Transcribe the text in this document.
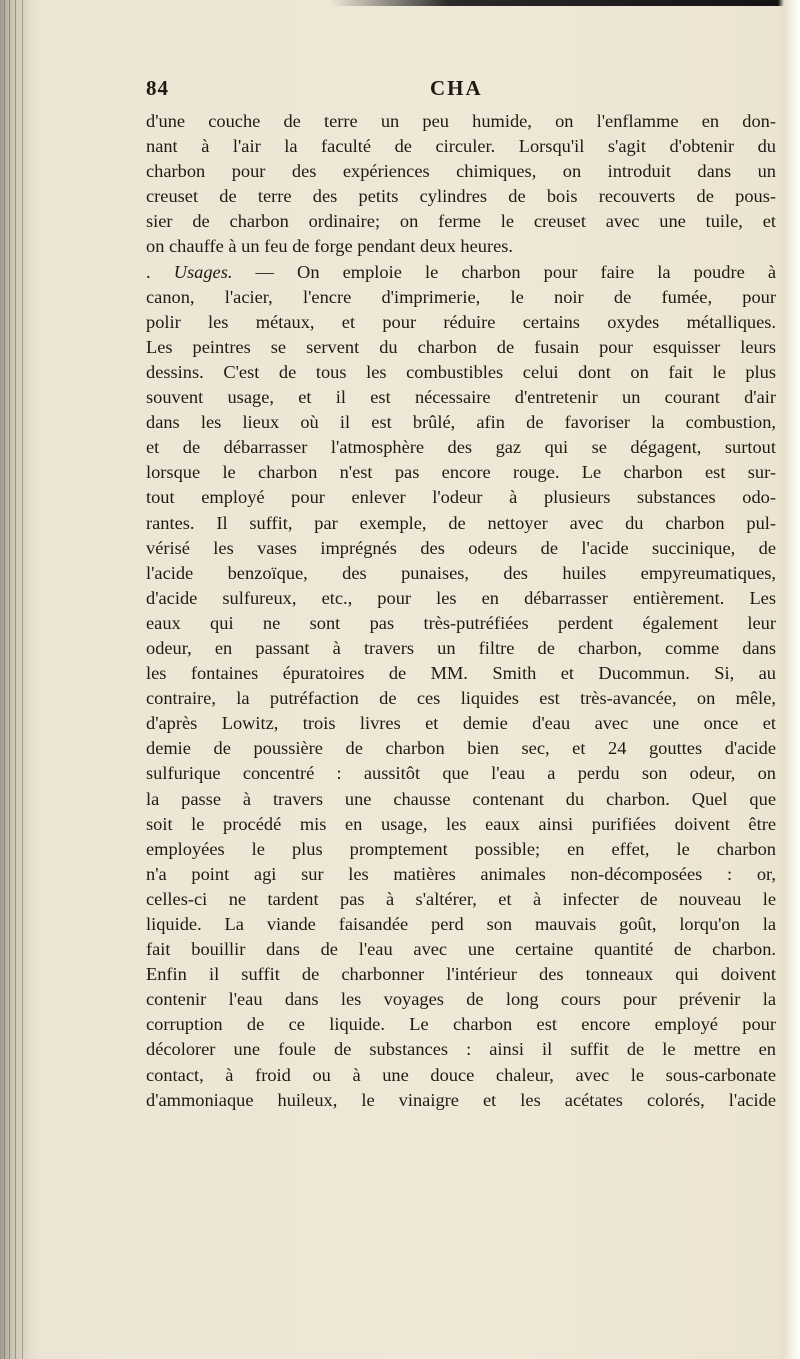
84	CHA
d'une couche de terre un peu humide, on l'enflamme en don-
nant à l'air la faculté de circuler. Lorsqu'il s'agit d'obtenir du
charbon pour des expériences chimiques, on introduit dans un
creuset de terre des petits cylindres de bois recouverts de pous-
sier de charbon ordinaire; on ferme le creuset avec une tuile, et
on chauffe à un feu de forge pendant deux heures.
. Usages. — On emploie le charbon pour faire la poudre à
canon, l'acier, l'encre d'imprimerie, le noir de fumée, pour
polir les métaux, et pour réduire certains oxydes métalliques.
Les peintres se servent du charbon de fusain pour esquisser leurs
dessins. C'est de tous les combustibles celui dont on fait le plus
souvent usage, et il est nécessaire d'entretenir un courant d'air
dans les lieux où il est brûlé, afin de favoriser la combustion,
et de débarrasser l'atmosphère des gaz qui se dégagent, surtout
lorsque le charbon n'est pas encore rouge. Le charbon est sur-
tout employé pour enlever l'odeur à plusieurs substances odo-
rantes. Il suffit, par exemple, de nettoyer avec du charbon pul-
vérisé les vases imprégnés des odeurs de l'acide succinique, de
l'acide benzoïque, des punaises, des huiles empyreumatiques,
d'acide sulfureux, etc., pour les en débarrasser entièrement. Les
eaux qui ne sont pas très-putréfiées perdent également leur
odeur, en passant à travers un filtre de charbon, comme dans
les fontaines épuratoires de MM. Smith et Ducommun. Si, au
contraire, la putréfaction de ces liquides est très-avancée, on mêle,
d'après Lowitz, trois livres et demie d'eau avec une once et
demie de poussière de charbon bien sec, et 24 gouttes d'acide
sulfurique concentré : aussitôt que l'eau a perdu son odeur, on
la passe à travers une chausse contenant du charbon. Quel que
soit le procédé mis en usage, les eaux ainsi purifiées doivent être
employées le plus promptement possible; en effet, le charbon
n'a point agi sur les matières animales non-décomposées : or,
celles-ci ne tardent pas à s'altérer, et à infecter de nouveau le
liquide. La viande faisandée perd son mauvais goût, lorqu'on la
fait bouillir dans de l'eau avec une certaine quantité de charbon.
Enfin il suffit de charbonner l'intérieur des tonneaux qui doivent
contenir l'eau dans les voyages de long cours pour prévenir la
corruption de ce liquide. Le charbon est encore employé pour
décolorer une foule de substances : ainsi il suffit de le mettre en
contact, à froid ou à une douce chaleur, avec le sous-carbonate
d'ammoniaque huileux, le vinaigre et les acétates colorés, l'acide
